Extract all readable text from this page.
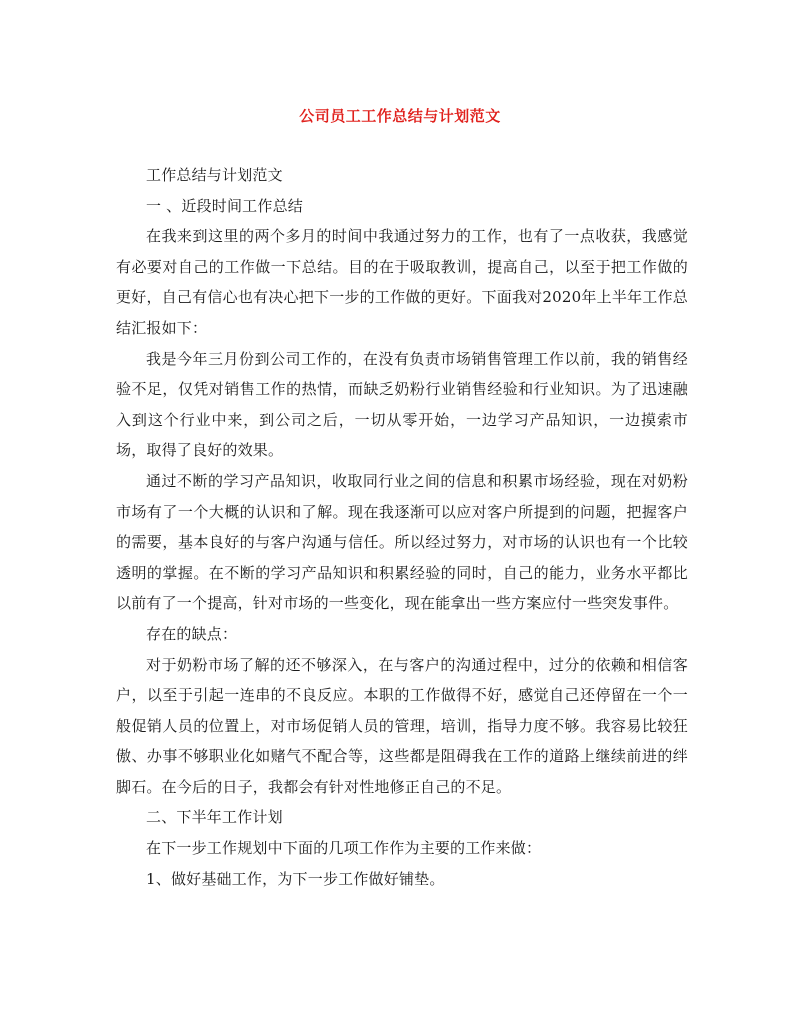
公司员工工作总结与计划范文

工作总结与计划范文

一 、近段时间工作总结

在我来到这里的两个多月的时间中我通过努力的工作，也有了一点收获，我感觉有必要对自己的工作做一下总结。目的在于吸取教训，提高自己，以至于把工作做的更好，自己有信心也有决心把下一步的工作做的更好。下面我对2020年上半年工作总结汇报如下：

我是今年三月份到公司工作的，在没有负责市场销售管理工作以前，我的销售经验不足，仅凭对销售工作的热情，而缺乏奶粉行业销售经验和行业知识。为了迅速融入到这个行业中来，到公司之后，一切从零开始，一边学习产品知识，一边摸索市场，取得了良好的效果。

通过不断的学习产品知识，收取同行业之间的信息和积累市场经验，现在对奶粉市场有了一个大概的认识和了解。现在我逐渐可以应对客户所提到的问题，把握客户的需要，基本良好的与客户沟通与信任。所以经过努力，对市场的认识也有一个比较透明的掌握。在不断的学习产品知识和积累经验的同时，自己的能力，业务水平都比以前有了一个提高，针对市场的一些变化，现在能拿出一些方案应付一些突发事件。

存在的缺点：

对于奶粉市场了解的还不够深入，在与客户的沟通过程中，过分的依赖和相信客户，以至于引起一连串的不良反应。本职的工作做得不好，感觉自己还停留在一个一般促销人员的位置上，对市场促销人员的管理，培训，指导力度不够。我容易比较狂傲、办事不够职业化如赌气不配合等，这些都是阻碍我在工作的道路上继续前进的绊脚石。在今后的日子，我都会有针对性地修正自己的不足。

二、下半年工作计划

在下一步工作规划中下面的几项工作作为主要的工作来做：

1、做好基础工作，为下一步工作做好铺垫。
